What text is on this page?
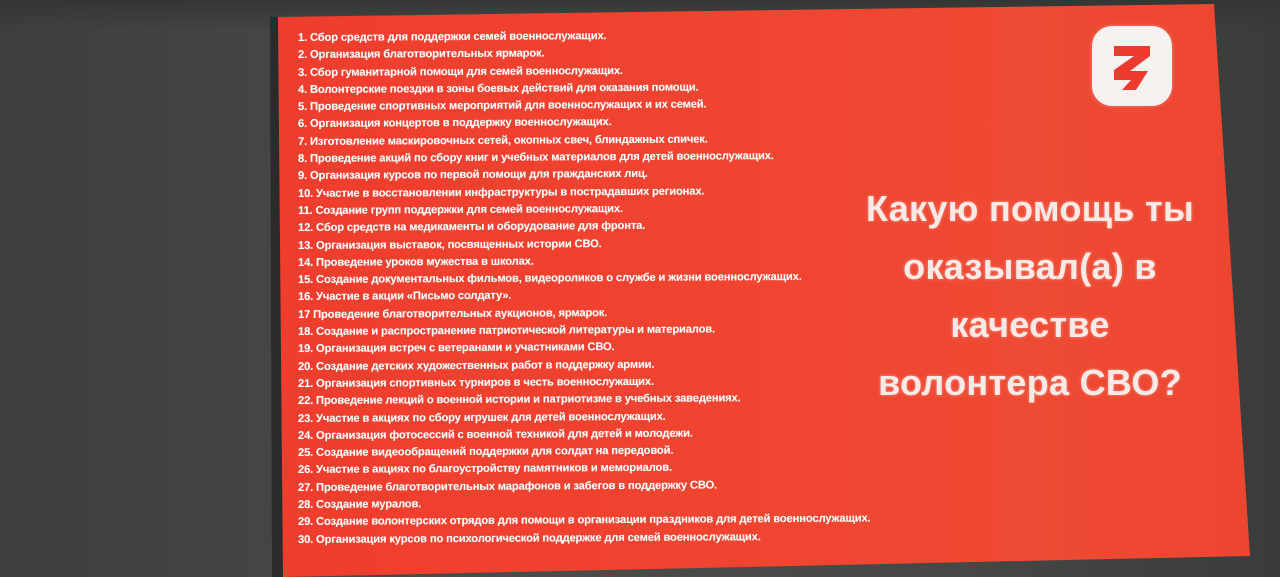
1. Сбор средств для поддержки семей военнослужащих.
2. Организация благотворительных ярмарок.
3. Сбор гуманитарной помощи для семей военнослужащих.
4. Волонтерские поездки в зоны боевых действий для оказания помощи.
5. Проведение спортивных мероприятий для военнослужащих и их семей.
6. Организация концертов в поддержку военнослужащих.
7. Изготовление маскировочных сетей, окопных свеч, блиндажных спичек.
8. Проведение акций по сбору книг и учебных материалов для детей военнослужащих.
9. Организация курсов по первой помощи для гражданских лиц.
10. Участие в восстановлении инфраструктуры в пострадавших регионах.
11. Создание групп поддержки для семей военнослужащих.
12. Сбор средств на медикаменты и оборудование для фронта.
13. Организация выставок, посвященных истории СВО.
14. Проведение уроков мужества в школах.
15. Создание документальных фильмов, видеороликов о службе и жизни военнослужащих.
16. Участие в акции «Письмо солдату».
17 Проведение благотворительных аукционов, ярмарок.
18. Создание и распространение патриотической литературы и материалов.
19. Организация встреч с ветеранами и участниками СВО.
20. Создание детских художественных работ в поддержку армии.
21. Организация спортивных турниров в честь военнослужащих.
22. Проведение лекций о военной истории и патриотизме в учебных заведениях.
23. Участие в акциях по сбору игрушек для детей военнослужащих.
24. Организация фотосессий с военной техникой для детей и молодежи.
25. Создание видеообращений поддержки для солдат на передовой.
26. Участие в акциях по благоустройству памятников и мемориалов.
27. Проведение благотворительных марафонов и забегов в поддержку СВО.
28. Создание муралов.
29. Создание волонтерских отрядов для помощи в организации праздников для детей военнослужащих.
30. Организация курсов по психологической поддержке для семей военнослужащих.
Какую помощь ты
оказывал(а) в
качестве
волонтера СВО?
